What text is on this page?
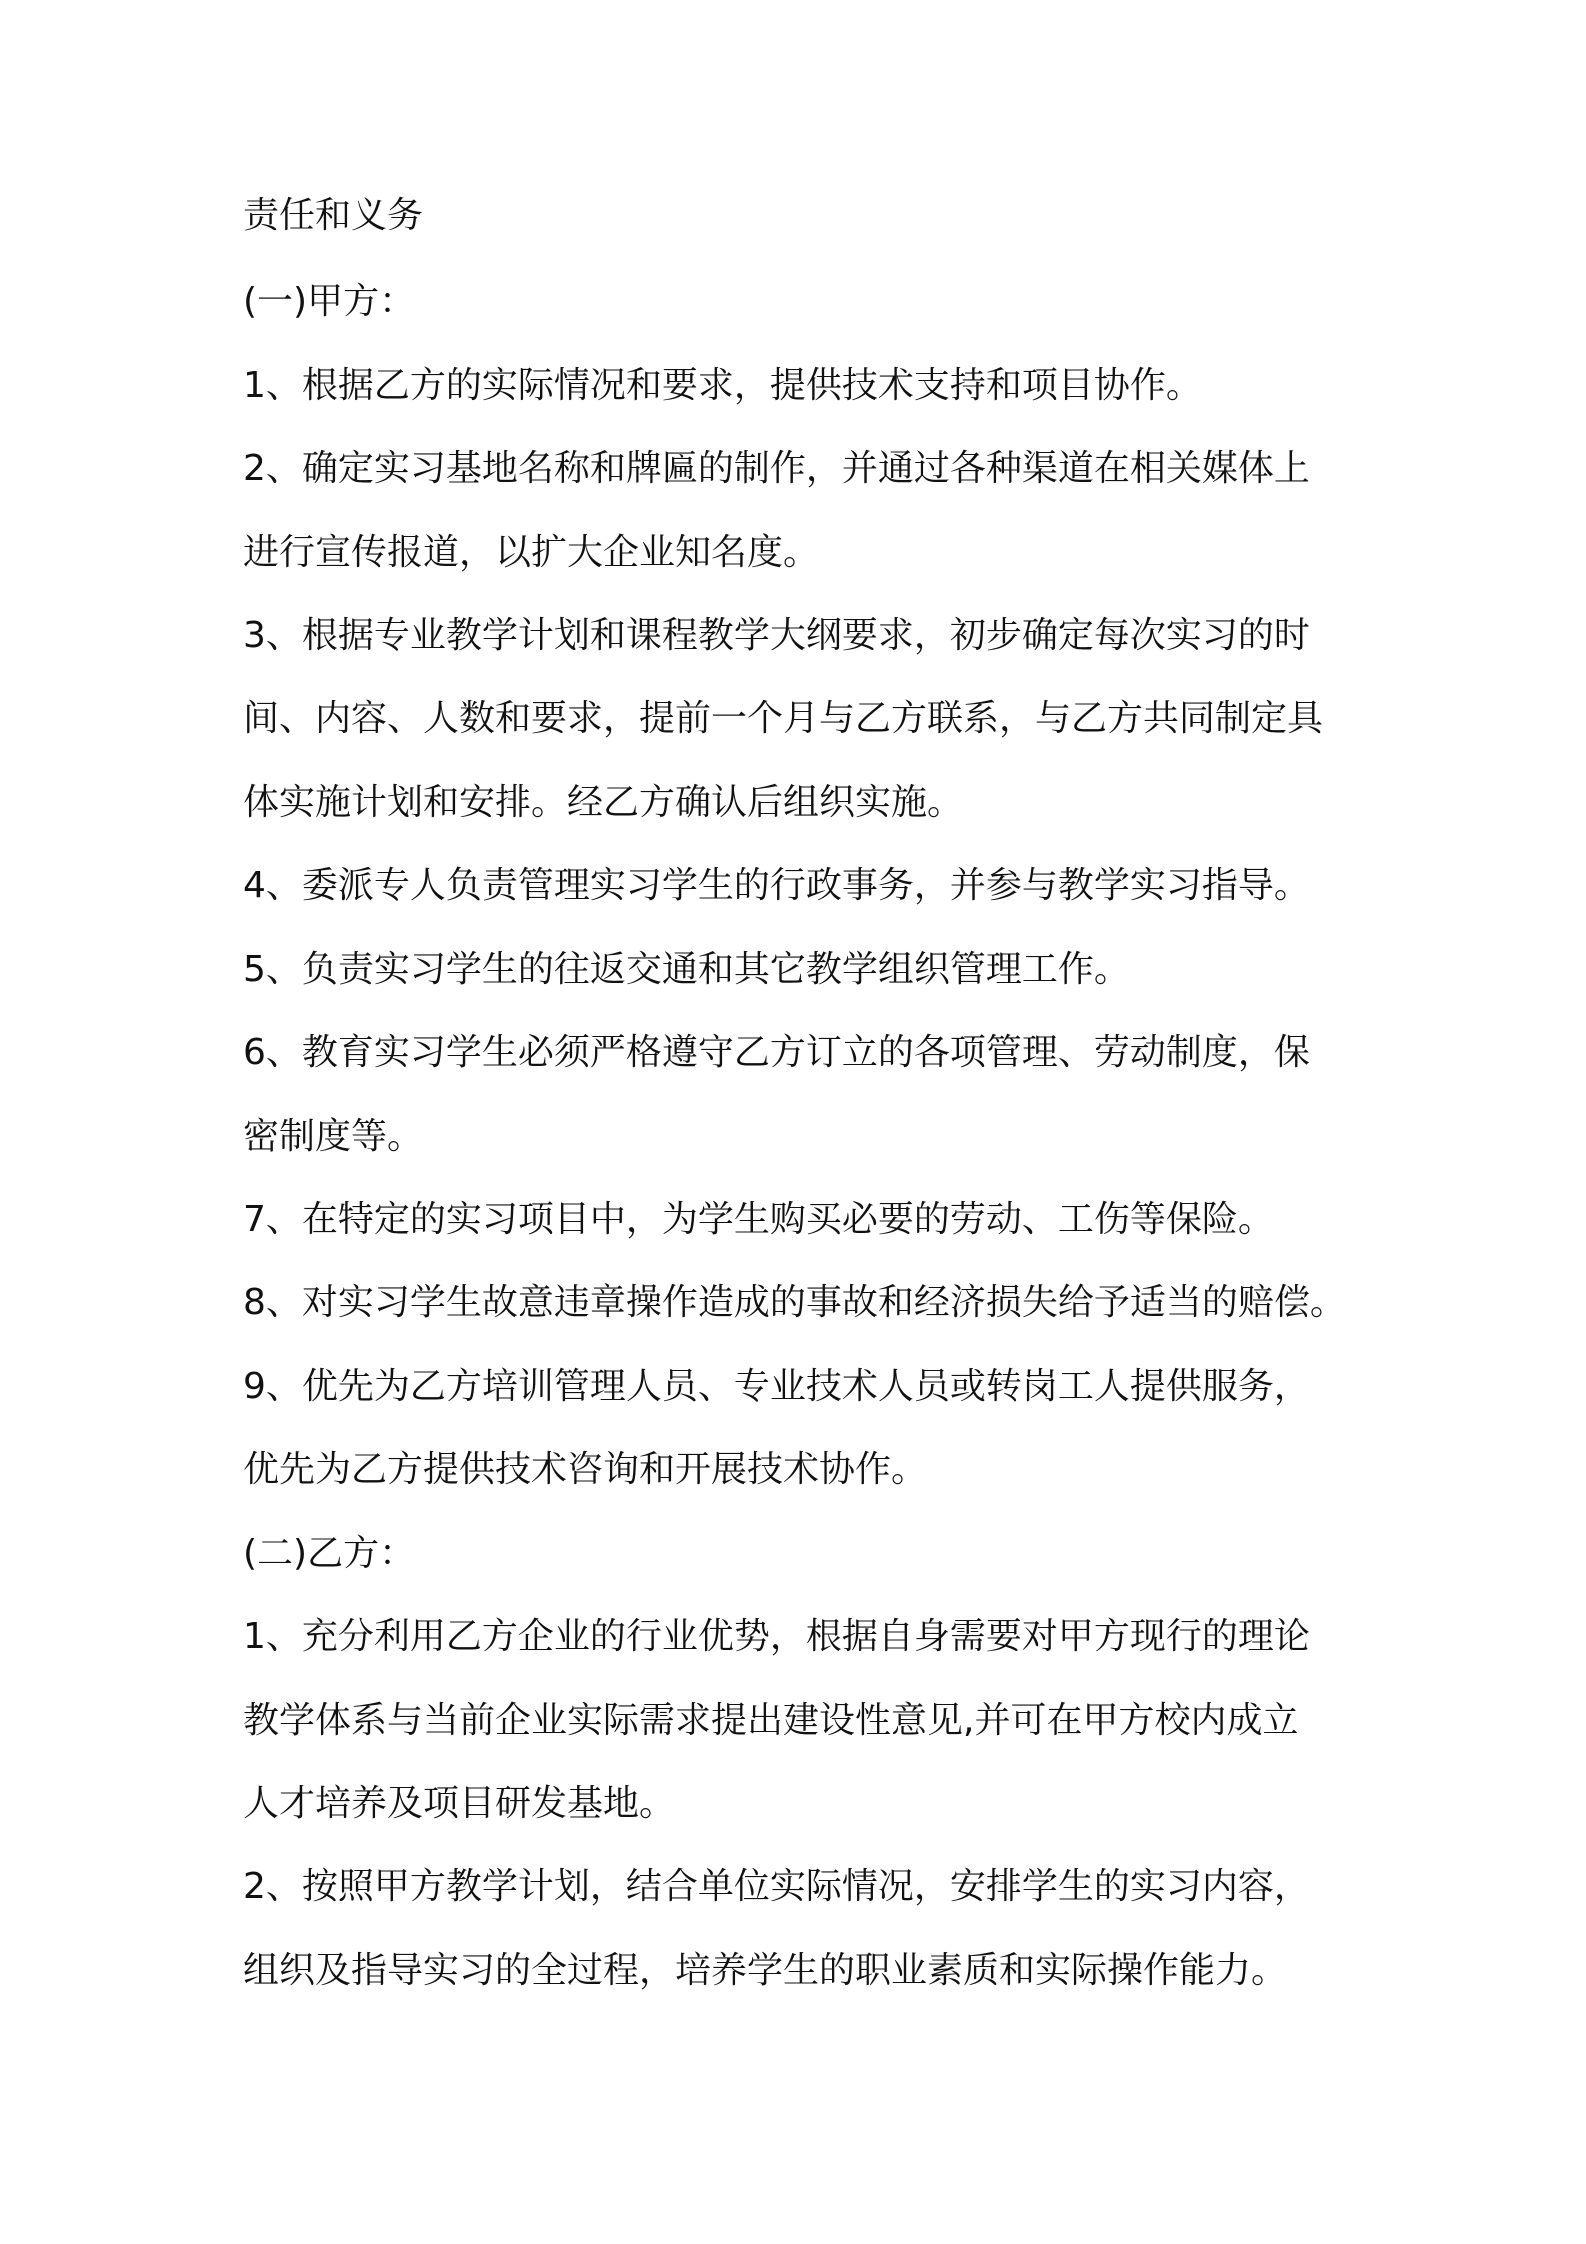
责任和义务
(一)甲方：
1、根据乙方的实际情况和要求，提供技术支持和项目协作。
2、确定实习基地名称和牌匾的制作，并通过各种渠道在相关媒体上
进行宣传报道，以扩大企业知名度。
3、根据专业教学计划和课程教学大纲要求，初步确定每次实习的时
间、内容、人数和要求，提前一个月与乙方联系，与乙方共同制定具
体实施计划和安排。经乙方确认后组织实施。
4、委派专人负责管理实习学生的行政事务，并参与教学实习指导。
5、负责实习学生的往返交通和其它教学组织管理工作。
6、教育实习学生必须严格遵守乙方订立的各项管理、劳动制度，保
密制度等。
7、在特定的实习项目中，为学生购买必要的劳动、工伤等保险。
8、对实习学生故意违章操作造成的事故和经济损失给予适当的赔偿。
9、优先为乙方培训管理人员、专业技术人员或转岗工人提供服务，
优先为乙方提供技术咨询和开展技术协作。
(二)乙方：
1、充分利用乙方企业的行业优势，根据自身需要对甲方现行的理论
教学体系与当前企业实际需求提出建设性意见,并可在甲方校内成立
人才培养及项目研发基地。
2、按照甲方教学计划，结合单位实际情况，安排学生的实习内容，
组织及指导实习的全过程，培养学生的职业素质和实际操作能力。
